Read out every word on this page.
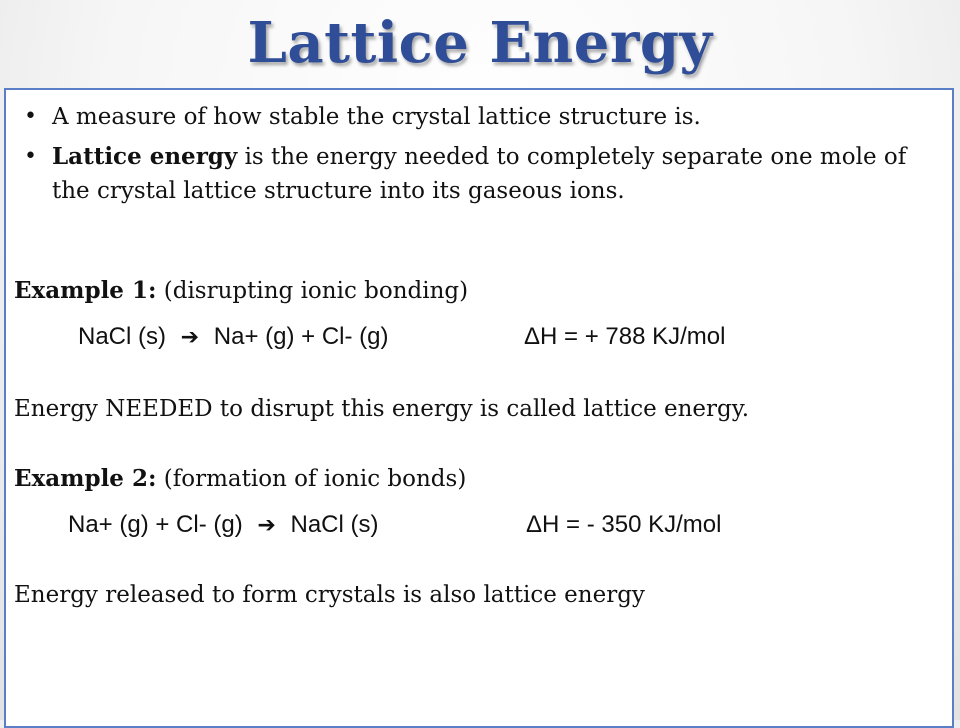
Lattice Energy
• A measure of how stable the crystal lattice structure is.
• Lattice energy is the energy needed to completely separate one mole of the crystal lattice structure into its gaseous ions.
Example 1: (disrupting ionic bonding)
NaCl (s) ➔ Na+ (g) + Cl- (g)	ΔH = + 788 KJ/mol
Energy NEEDED to disrupt this energy is called lattice energy.
Example 2: (formation of ionic bonds)
Na+ (g) + Cl- (g) ➔ NaCl (s)	ΔH = - 350 KJ/mol
Energy released to form crystals is also lattice energy
